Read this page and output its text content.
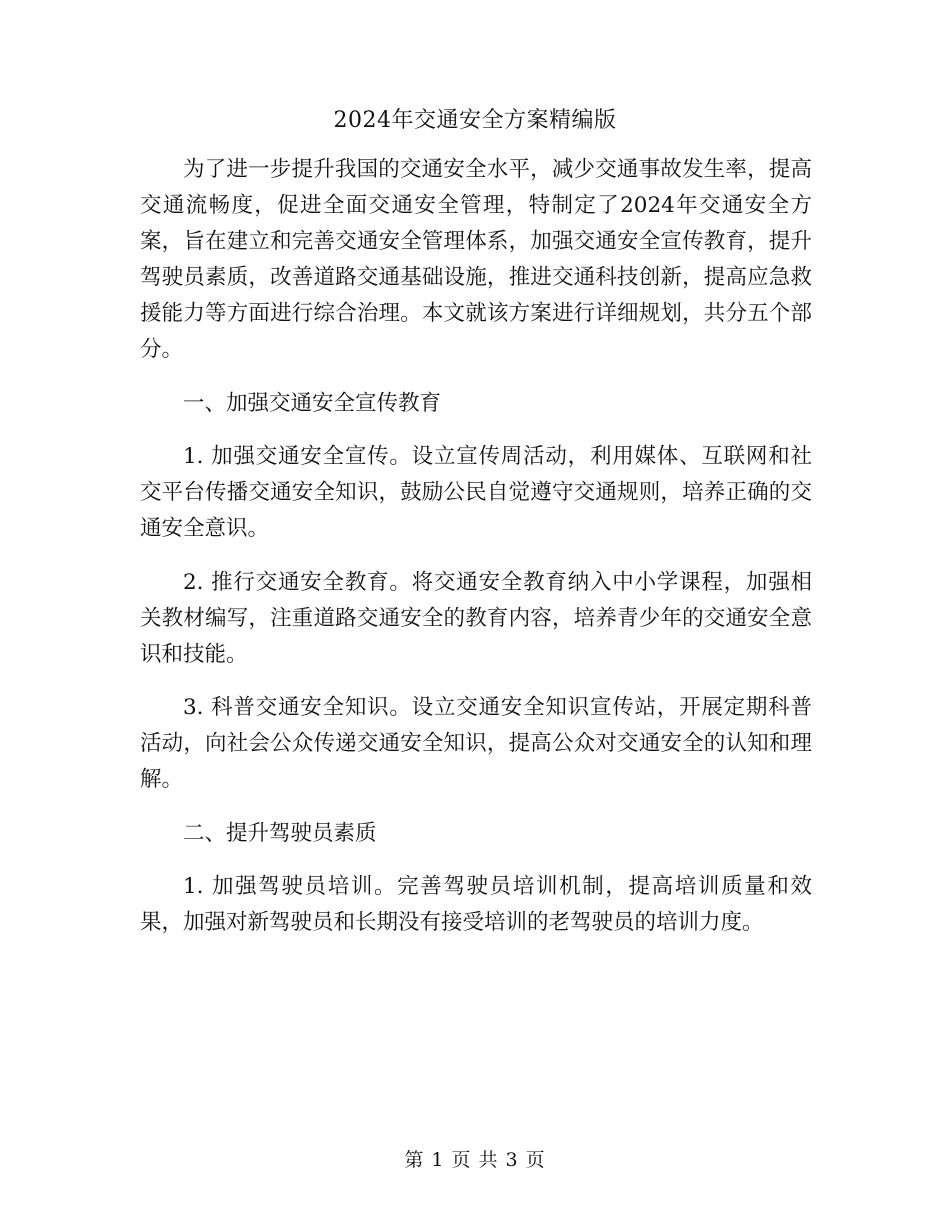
2024年交通安全方案精编版

为了进一步提升我国的交通安全水平，减少交通事故发生率，提高交通流畅度，促进全面交通安全管理，特制定了2024年交通安全方案，旨在建立和完善交通安全管理体系，加强交通安全宣传教育，提升驾驶员素质，改善道路交通基础设施，推进交通科技创新，提高应急救援能力等方面进行综合治理。本文就该方案进行详细规划，共分五个部分。

一、加强交通安全宣传教育

1. 加强交通安全宣传。设立宣传周活动，利用媒体、互联网和社交平台传播交通安全知识，鼓励公民自觉遵守交通规则，培养正确的交通安全意识。

2. 推行交通安全教育。将交通安全教育纳入中小学课程，加强相关教材编写，注重道路交通安全的教育内容，培养青少年的交通安全意识和技能。

3. 科普交通安全知识。设立交通安全知识宣传站，开展定期科普活动，向社会公众传递交通安全知识，提高公众对交通安全的认知和理解。

二、提升驾驶员素质

1. 加强驾驶员培训。完善驾驶员培训机制，提高培训质量和效果，加强对新驾驶员和长期没有接受培训的老驾驶员的培训力度。

第 1 页 共 3 页
